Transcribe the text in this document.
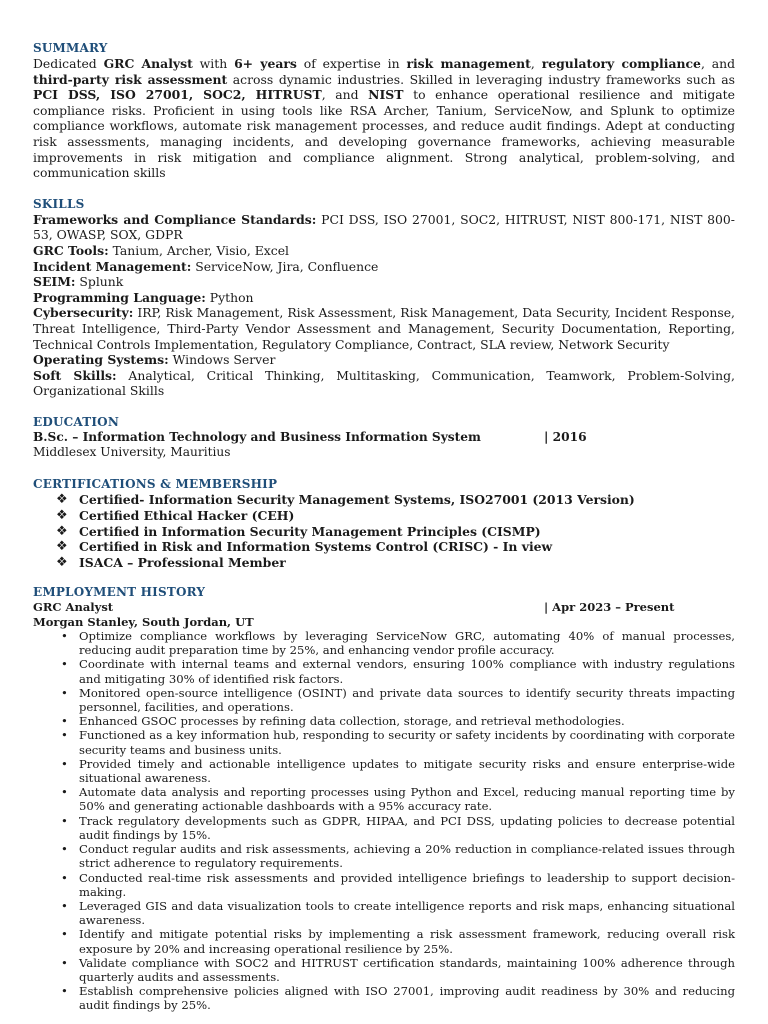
SUMMARY

Dedicated GRC Analyst with 6+ years of expertise in risk management, regulatory compliance, and third-party risk assessment across dynamic industries. Skilled in leveraging industry frameworks such as PCI DSS, ISO 27001, SOC2, HITRUST, and NIST to enhance operational resilience and mitigate compliance risks. Proficient in using tools like RSA Archer, Tanium, ServiceNow, and Splunk to optimize compliance workflows, automate risk management processes, and reduce audit findings. Adept at conducting risk assessments, managing incidents, and developing governance frameworks, achieving measurable improvements in risk mitigation and compliance alignment. Strong analytical, problem-solving, and communication skills

SKILLS

Frameworks and Compliance Standards: PCI DSS, ISO 27001, SOC2, HITRUST, NIST 800-171, NIST 800-53, OWASP, SOX, GDPR

GRC Tools: Tanium, Archer, Visio, Excel

Incident Management: ServiceNow, Jira, Confluence

SEIM: Splunk

Programming Language: Python

Cybersecurity: IRP, Risk Management, Risk Assessment, Risk Management, Data Security, Incident Response, Threat Intelligence, Third-Party Vendor Assessment and Management, Security Documentation, Reporting, Technical Controls Implementation, Regulatory Compliance, Contract, SLA review, Network Security

Operating Systems: Windows Server

Soft Skills: Analytical, Critical Thinking, Multitasking, Communication, Teamwork, Problem-Solving, Organizational Skills

EDUCATION
B.Sc. – Information Technology and Business Information System	| 2016

Middlesex University, Mauritius

CERTIFICATIONS & MEMBERSHIP
❖ Certified- Information Security Management Systems, ISO27001 (2013 Version)
❖ Certified Ethical Hacker (CEH)
❖ Certified in Information Security Management Principles (CISMP)
❖ Certified in Risk and Information Systems Control (CRISC) - In view
❖ ISACA – Professional Member
EMPLOYMENT HISTORY
GRC Analyst	| Apr 2023 – Present

Morgan Stanley, South Jordan, UT

• Optimize compliance workflows by leveraging ServiceNow GRC, automating 40% of manual processes, reducing audit preparation time by 25%, and enhancing vendor profile accuracy.
• Coordinate with internal teams and external vendors, ensuring 100% compliance with industry regulations and mitigating 30% of identified risk factors.
• Monitored open-source intelligence (OSINT) and private data sources to identify security threats impacting personnel, facilities, and operations.
• Enhanced GSOC processes by refining data collection, storage, and retrieval methodologies.
• Functioned as a key information hub, responding to security or safety incidents by coordinating with corporate security teams and business units.
• Provided timely and actionable intelligence updates to mitigate security risks and ensure enterprise-wide situational awareness.
• Automate data analysis and reporting processes using Python and Excel, reducing manual reporting time by 50% and generating actionable dashboards with a 95% accuracy rate.
• Track regulatory developments such as GDPR, HIPAA, and PCI DSS, updating policies to decrease potential audit findings by 15%.
• Conduct regular audits and risk assessments, achieving a 20% reduction in compliance-related issues through strict adherence to regulatory requirements.
• Conducted real-time risk assessments and provided intelligence briefings to leadership to support decision-making.
• Leveraged GIS and data visualization tools to create intelligence reports and risk maps, enhancing situational awareness.
• Identify and mitigate potential risks by implementing a risk assessment framework, reducing overall risk exposure by 20% and increasing operational resilience by 25%.
• Validate compliance with SOC2 and HITRUST certification standards, maintaining 100% adherence through quarterly audits and assessments.
• Establish comprehensive policies aligned with ISO 27001, improving audit readiness by 30% and reducing audit findings by 25%.
